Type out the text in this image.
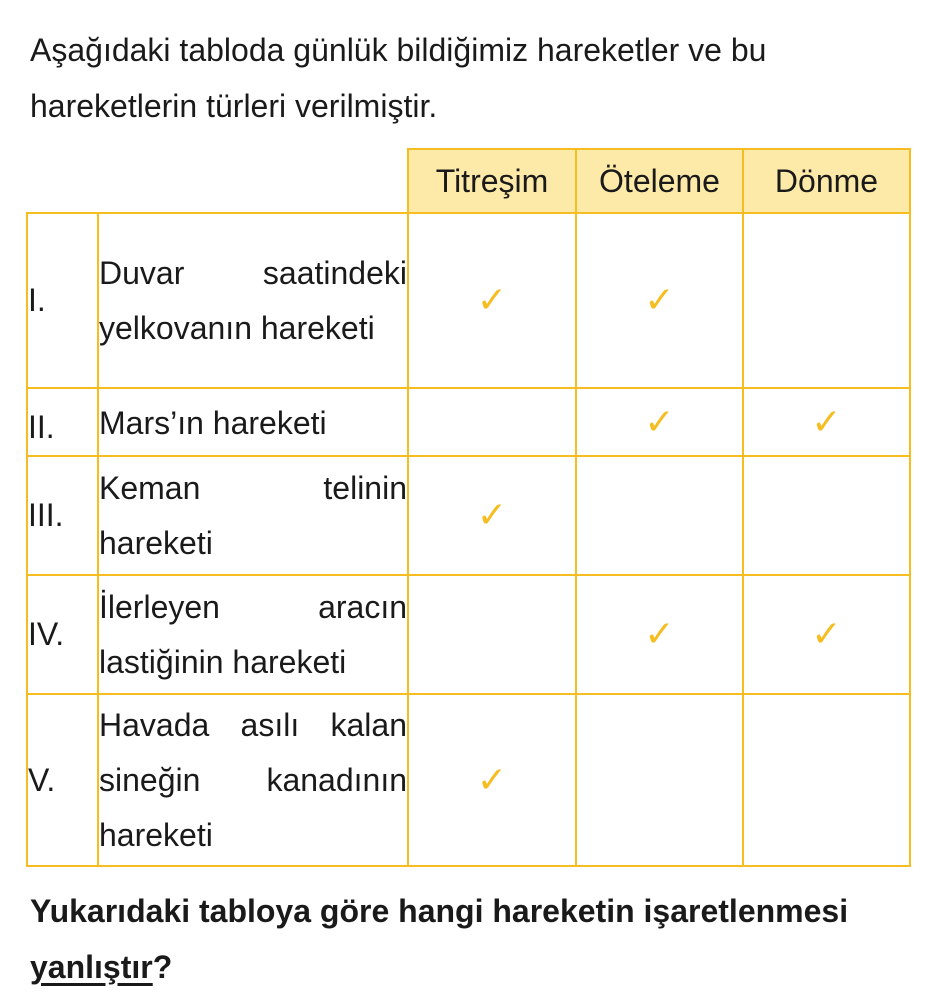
Aşağıdaki tabloda günlük bildiğimiz hareketler ve bu hareketlerin türleri verilmiştir.

		Titreşim	Öteleme	Dönme
I.	Duvar saatindeki yelkovanın hareketi	✓	✓	
II.	Mars’ın hareketi		✓	✓
III.	Keman telinin hareketi	✓		
IV.	İlerleyen aracın lastiğinin hareketi		✓	✓
V.	Havada asılı kalan sineğin kanadının hareketi	✓		

Yukarıdaki tabloya göre hangi hareketin işaretlenmesi yanlıştır?
